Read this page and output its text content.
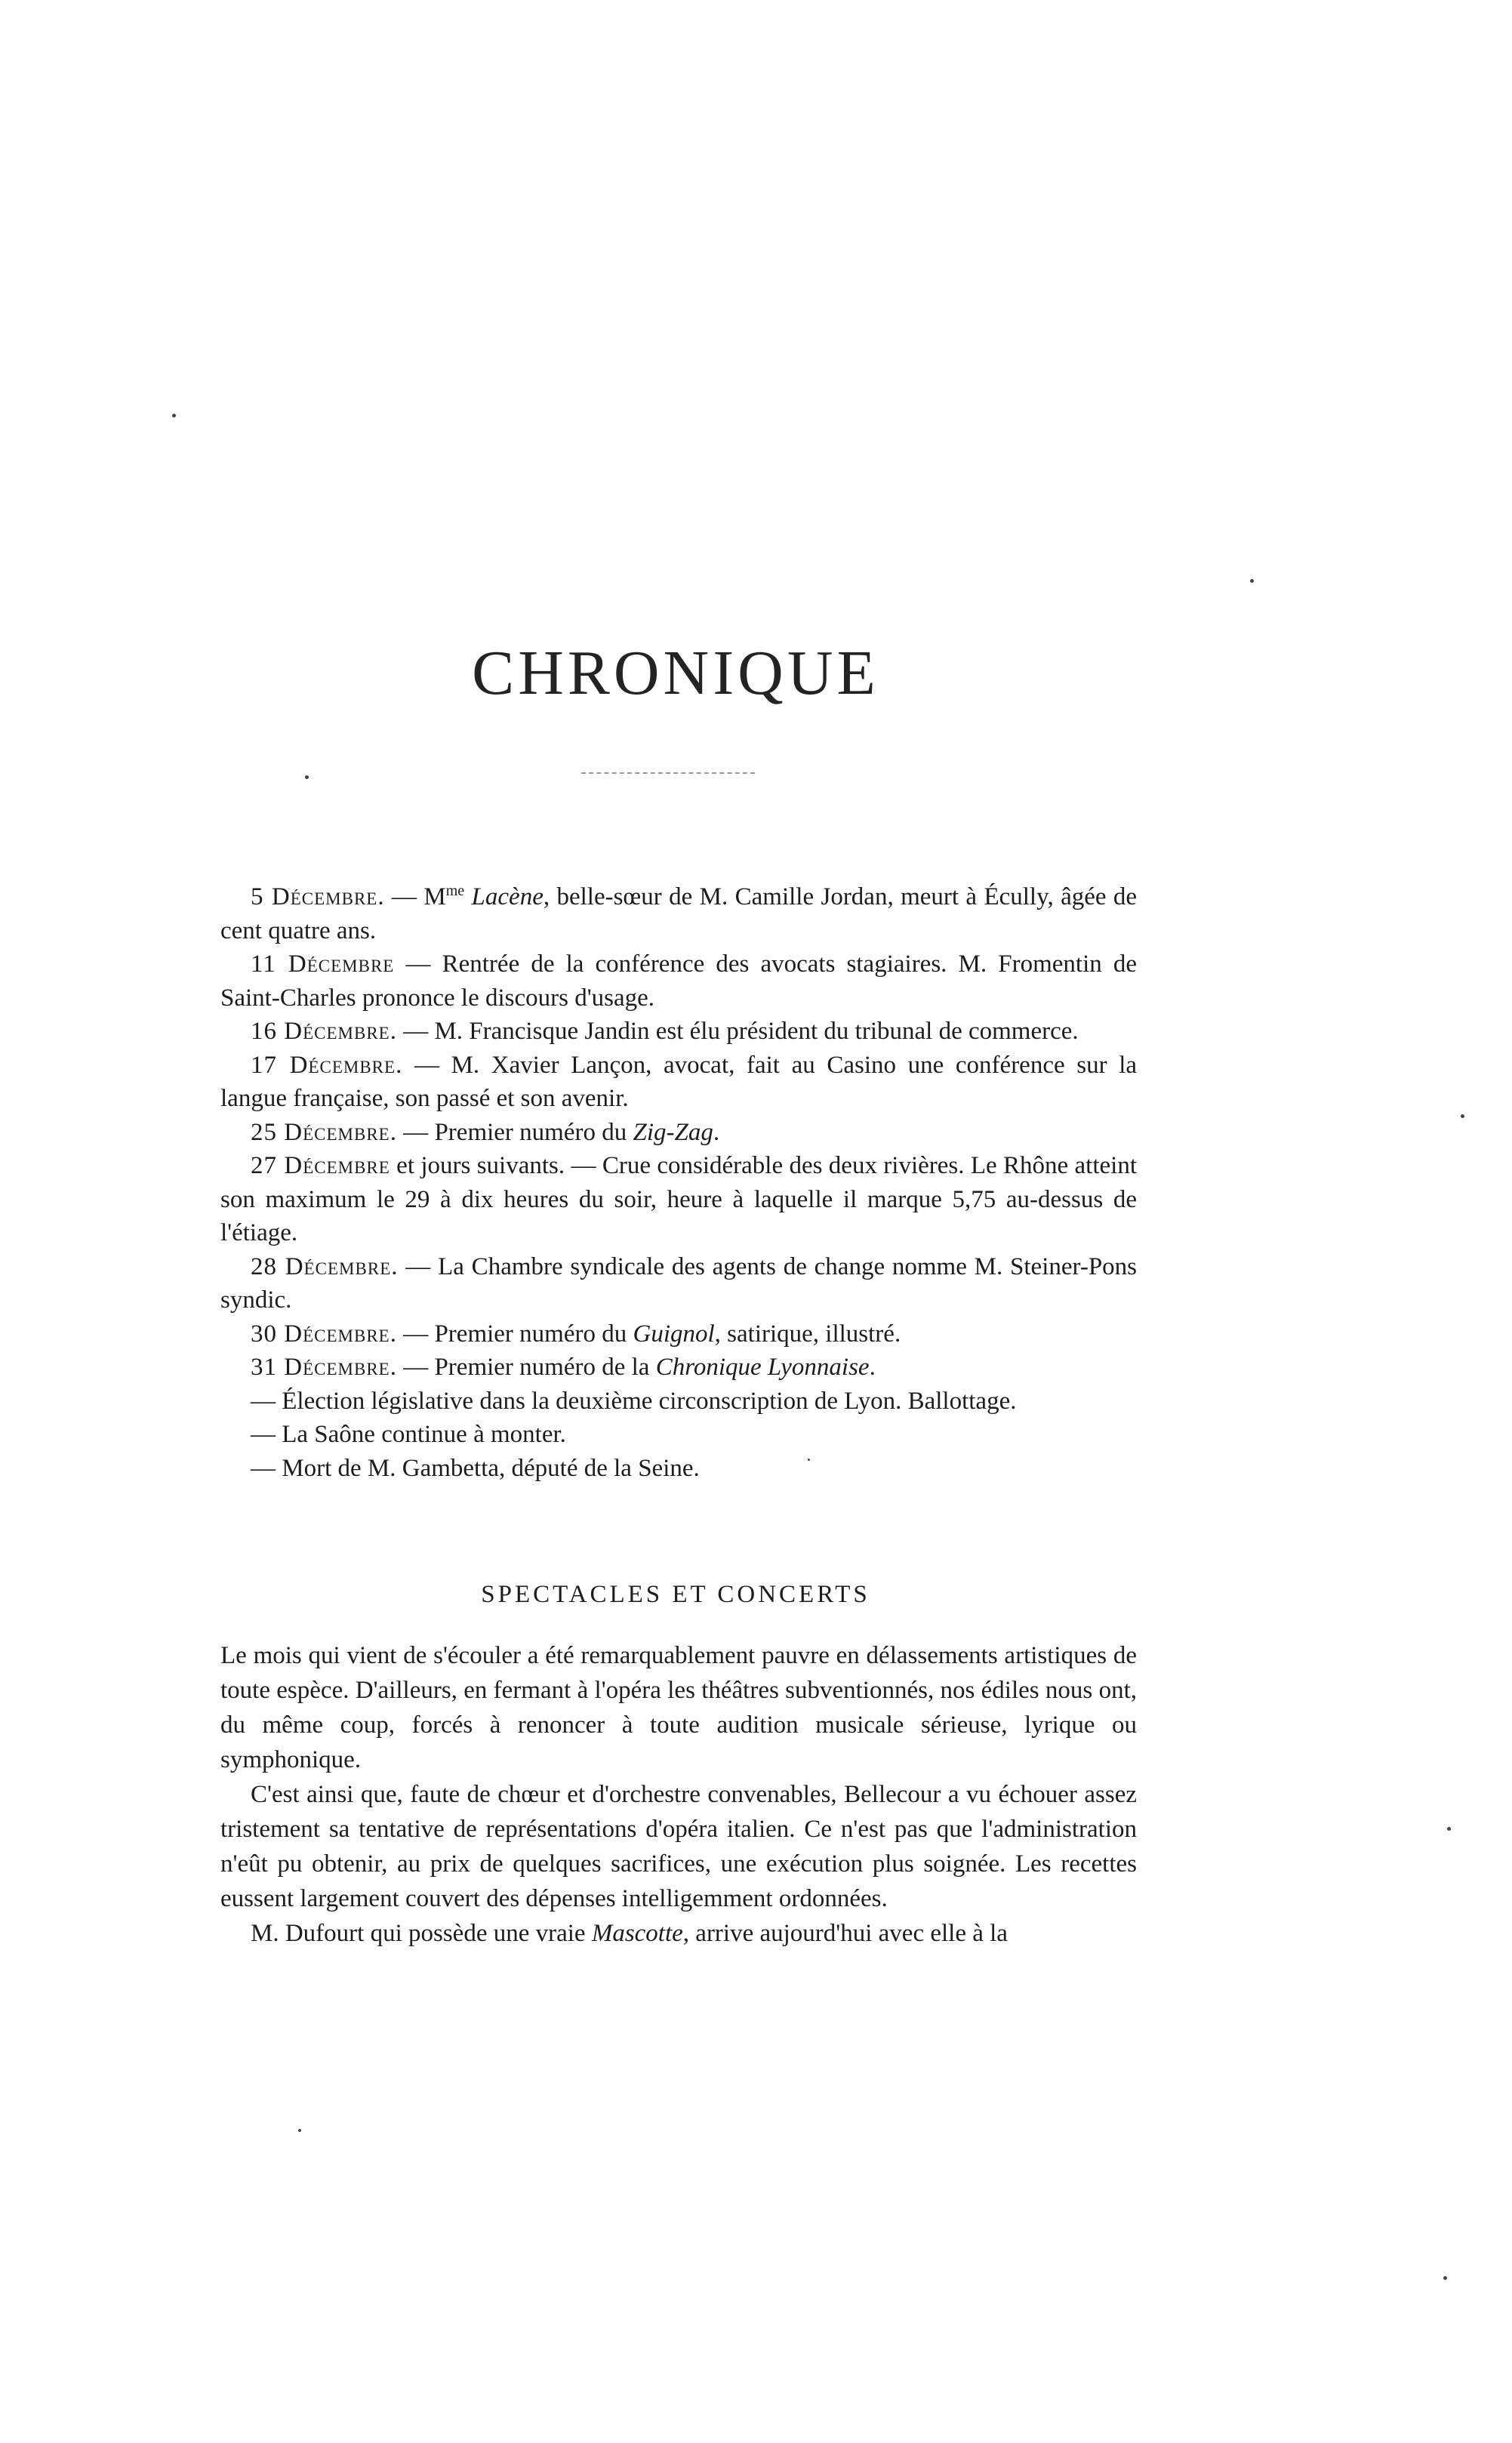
CHRONIQUE

5 Décembre. — $M^{me}$ Lacène, belle-sœur de M. Camille Jordan, meurt à Écully, âgée de cent quatre ans.

11 Décembre — Rentrée de la conférence des avocats stagiaires. M. Fromentin de Saint-Charles prononce le discours d'usage.

16 Décembre. — M. Francisque Jandin est élu président du tribunal de commerce.

17 Décembre. — M. Xavier Lançon, avocat, fait au Casino une conférence sur la langue française, son passé et son avenir.

25 Décembre. — Premier numéro du Zig-Zag.

27 Décembre et jours suivants. — Crue considérable des deux rivières. Le Rhône atteint son maximum le 29 à dix heures du soir, heure à laquelle il marque 5,75 au-dessus de l'étiage.

28 Décembre. — La Chambre syndicale des agents de change nomme M. Steiner-Pons syndic.

30 Décembre. — Premier numéro du Guignol, satirique, illustré.

31 Décembre. — Premier numéro de la Chronique Lyonnaise.

— Élection législative dans la deuxième circonscription de Lyon. Ballottage.

— La Saône continue à monter.

— Mort de M. Gambetta, député de la Seine.

SPECTACLES ET CONCERTS

Le mois qui vient de s'écouler a été remarquablement pauvre en délassements artistiques de toute espèce. D'ailleurs, en fermant à l'opéra les théâtres subventionnés, nos édiles nous ont, du même coup, forcés à renoncer à toute audition musicale sérieuse, lyrique ou symphonique.

C'est ainsi que, faute de chœur et d'orchestre convenables, Bellecour a vu échouer assez tristement sa tentative de représentations d'opéra italien. Ce n'est pas que l'administration n'eût pu obtenir, au prix de quelques sacrifices, une exécution plus soignée. Les recettes eussent largement couvert des dépenses intelligemment ordonnées.

M. Dufourt qui possède une vraie Mascotte, arrive aujourd'hui avec elle à la
